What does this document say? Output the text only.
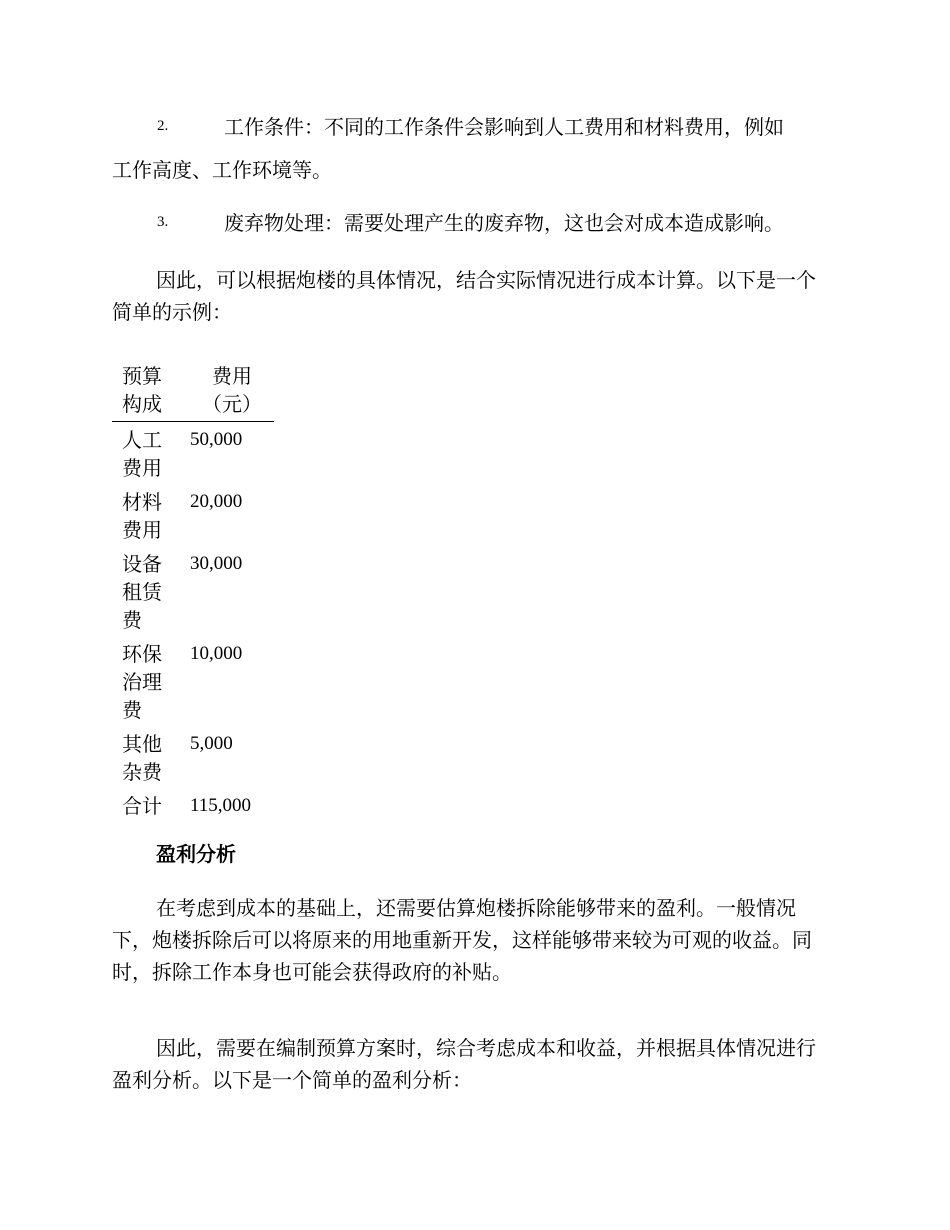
工作条件：不同的工作条件会影响到人工费用和材料费用，例如

工作高度、工作环境等。

2.

废弃物处理：需要处理产生的废弃物，这也会对成本造成影响。

3.

因此，可以根据炮楼的具体情况，结合实际情况进行成本计算。以下是一个简单的示例：

预算构成	费用（元）
人工费用	50,000
材料费用	20,000
设备租赁费	30,000
环保治理费	10,000
其他杂费	5,000
合计	115,000
盈利分析

在考虑到成本的基础上，还需要估算炮楼拆除能够带来的盈利。一般情况下，炮楼拆除后可以将原来的用地重新开发，这样能够带来较为可观的收益。同时，拆除工作本身也可能会获得政府的补贴。

因此，需要在编制预算方案时，综合考虑成本和收益，并根据具体情况进行盈利分析。以下是一个简单的盈利分析：
